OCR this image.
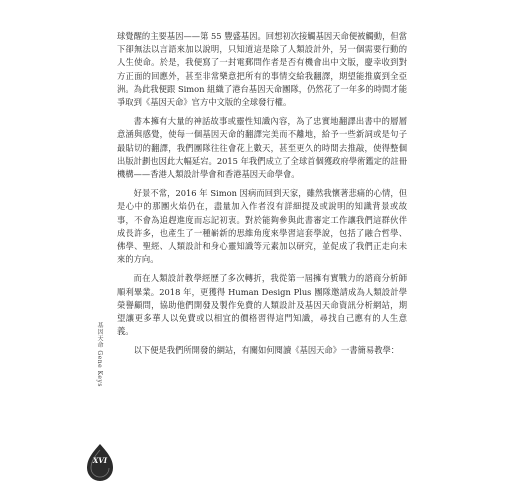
球覺醒的主要基因——第 55 豐盛基因。回想初次接觸基因天命便被觸動，但當下卻無法以言語來加以說明，只知道這是除了人類設計外，另一個需要行動的人生使命。於是，我便寫了一封電郵問作者是否有機會出中文版，慶幸收到對方正面的回應外，甚至非常樂意把所有的事情交給我翻譯，期望能推廣到全亞洲。為此我便跟 Simon 組織了港台基因天命團隊，仍然花了一年多的時間才能爭取到《基因天命》官方中文版的全球發行權。

書本擁有大量的神話故事或靈性知識內容，為了忠實地翻譯出書中的層層意涵與感覺，使每一個基因天命的翻譯完美而不離地，給予一些新詞或是句子最貼切的翻譯，我們團隊往往會花上數天，甚至更久的時間去推敲，使得整個出版計劃也因此大幅延宕。2015 年我們成立了全球首個獲政府學術鑑定的註冊機構——香港人類設計學會和香港基因天命學會。

好景不常，2016 年 Simon 因病而回到天家，雖然我懷著悲痛的心情，但是心中的那團火焰仍在，盡量加入作者沒有詳細提及或說明的知識背景或故事，不會為追趕進度而忘記初衷。對於能夠參與此書審定工作讓我們這群伙伴成長許多，也產生了一種嶄新的思維角度來學習這套學說，包括了融合哲學、佛學、聖經、人類設計和身心靈知識等元素加以研究，並促成了我們正走向未來的方向。

而在人類設計教學經歷了多次轉折，我從第一屆擁有實戰力的諮商分析師順利畢業。2018 年，更獲得 Human Design Plus 團隊邀請成為人類設計學榮譽顧問，協助他們開發及製作免費的人類設計及基因天命資訊分析網站，期望讓更多華人以免費或以相宜的價格習得這門知識，尋找自己應有的人生意義。

以下便是我們所開發的網站，有關如何閱讀《基因天命》一書簡易教學：

基因天命 Gene Keys
XVI
